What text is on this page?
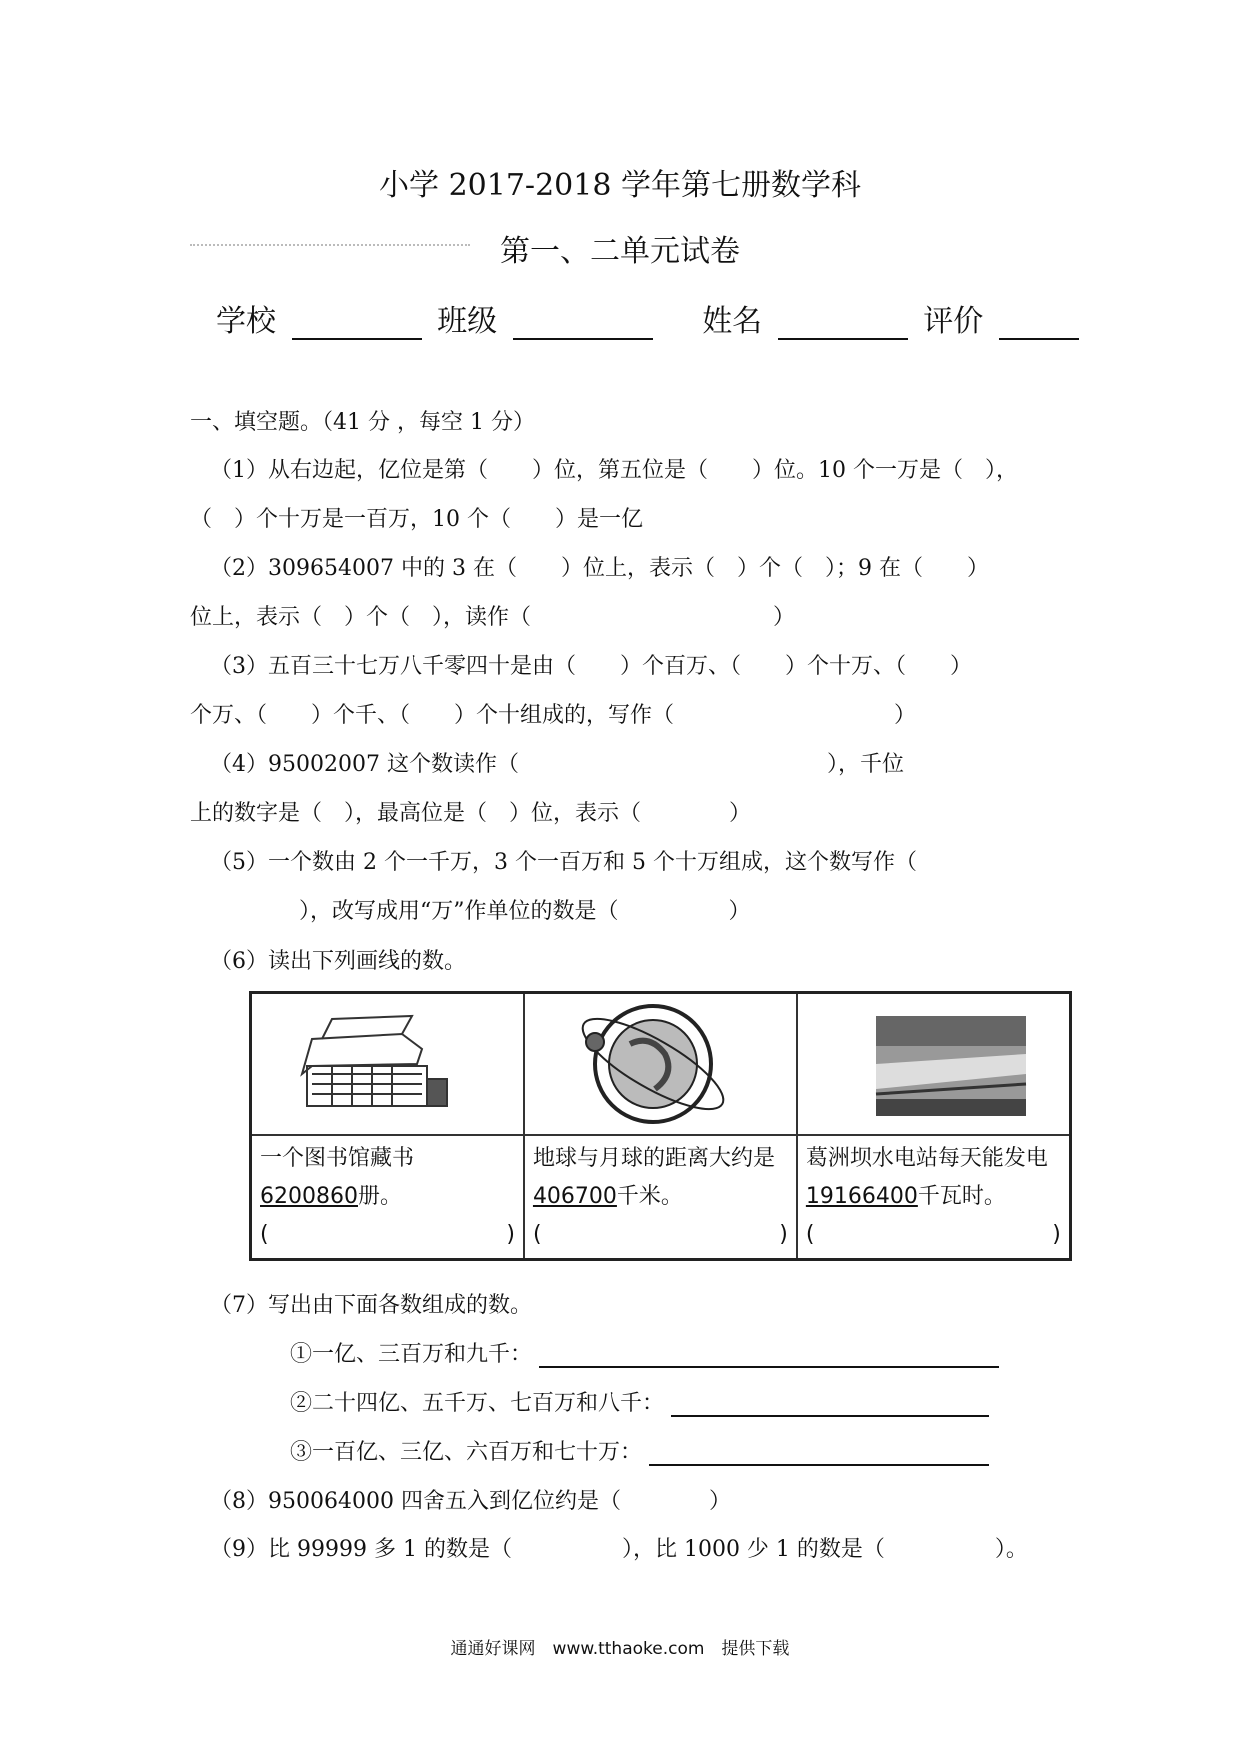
小学 2017-2018 学年第七册数学科
第一、二单元试卷
学校	班级	姓名	评价
一、填空题。（41 分 ，每空 1 分）
（1）从右边起，亿位是第（　　）位，第五位是（　　）位。10 个一万是（　），
（　）个十万是一百万，10 个（　　）是一亿
（2）309654007 中的 3 在（　　）位上，表示（　）个（　）；9 在（　　）
位上，表示（　）个（　），读作（　　　　　　　　　　　）
（3）五百三十七万八千零四十是由（　　）个百万、（　　）个十万、（　　）
个万、（　　）个千、（　　）个十组成的，写作（　　　　　　　　　　）
（4）95002007 这个数读作（　　　　　　　　　　　　　　），千位
上的数字是（　），最高位是（　）位，表示（　　　　）
（5）一个数由 2 个一千万，3 个一百万和 5 个十万组成，这个数写作（　　　
　　），改写成用“万”作单位的数是（　　　　　）
（6）读出下列画线的数。
一个图书馆藏书
6200860册。
(                                  )

地球与月球的距离大约是 406700千米。
(                                  )

葛洲坝水电站每天能发电 19166400千瓦时。
(                                  )
（7）写出由下面各数组成的数。
①一亿、三百万和九千：
②二十四亿、五千万、七百万和八千：
③一百亿、三亿、六百万和七十万：
（8）950064000 四舍五入到亿位约是（　　　　）
（9）比 99999 多 1 的数是（　　　　　），比 1000 少 1 的数是（　　　　　）。
通通好课网　www.tthaoke.com　提供下载
